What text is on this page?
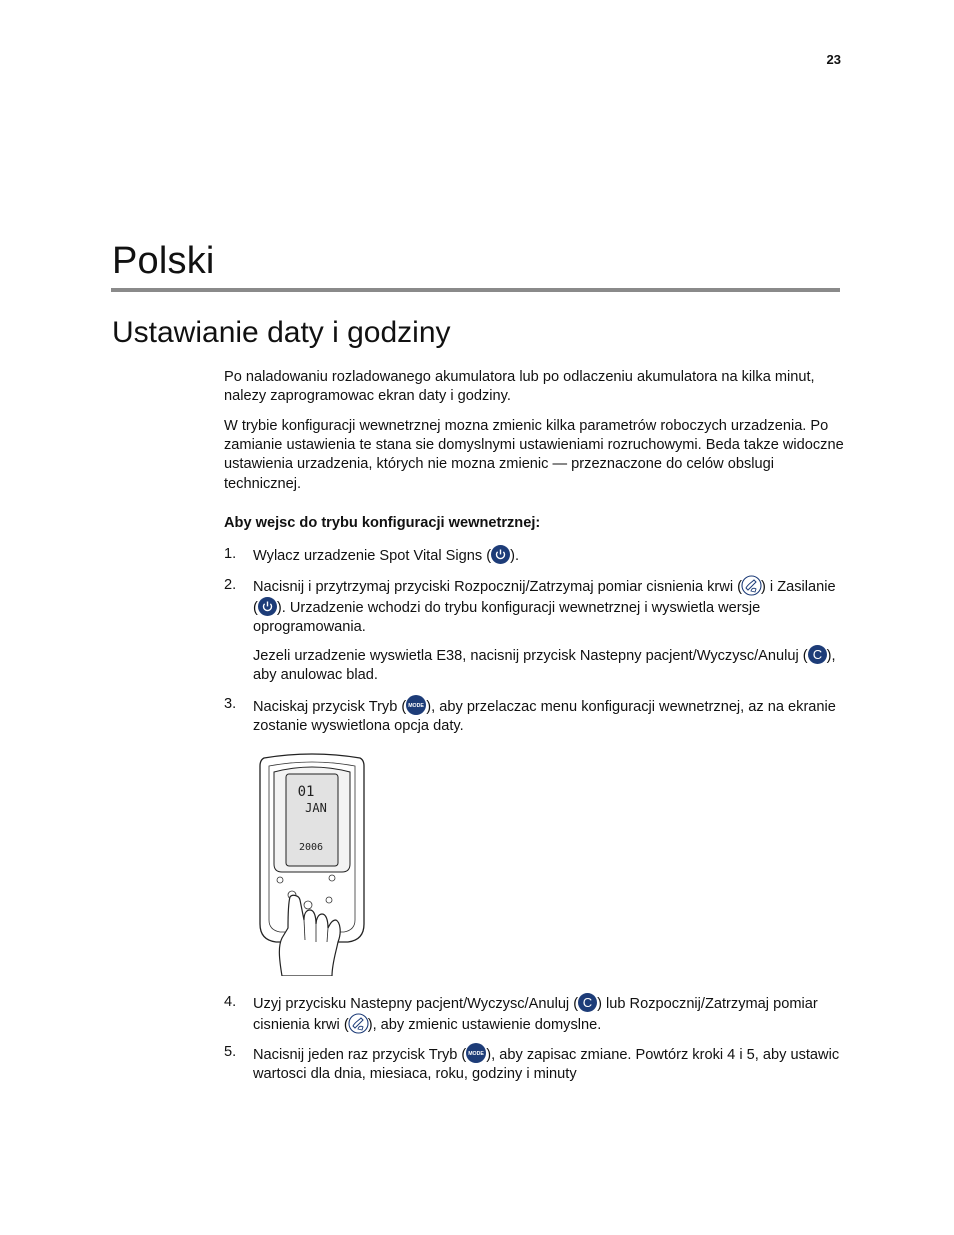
23
Polski
Ustawianie daty i godziny

Po naladowaniu rozladowanego akumulatora lub po odlaczeniu akumulatora na kilka minut, nalezy zaprogramowac ekran daty i godziny.

W trybie konfiguracji wewnetrznej mozna zmienic kilka parametrów roboczych urzadzenia. Po zamianie ustawienia te stana sie domyslnymi ustawieniami rozruchowymi. Beda takze widoczne ustawienia urzadzenia, których nie mozna zmienic — przeznaczone do celów obslugi technicznej.

Aby wejsc do trybu konfiguracji wewnetrznej:
1. Wylacz urzadzenie Spot Vital Signs ( ).
2. Nacisnij i przytrzymaj przyciski Rozpocznij/Zatrzymaj pomiar cisnienia krwi ( ) i Zasilanie ( ). Urzadzenie wchodzi do trybu konfiguracji wewnetrznej i wyswietla wersje oprogramowania.
Jezeli urzadzenie wyswietla E38, nacisnij przycisk Nastepny pacjent/Wyczysc/Anuluj ( C ), aby anulowac blad.
3. Naciskaj przycisk Tryb ( MODE ), aby przelaczac menu konfiguracji wewnetrznej, az na ekranie zostanie wyswietlona opcja daty.
01
JAN
2006
4. Uzyj przycisku Nastepny pacjent/Wyczysc/Anuluj ( C ) lub Rozpocznij/Zatrzymaj pomiar cisnienia krwi ( ), aby zmienic ustawienie domyslne.
5. Nacisnij jeden raz przycisk Tryb ( MODE ), aby zapisac zmiane. Powtórz kroki 4 i 5, aby ustawic wartosci dla dnia, miesiaca, roku, godziny i minuty
